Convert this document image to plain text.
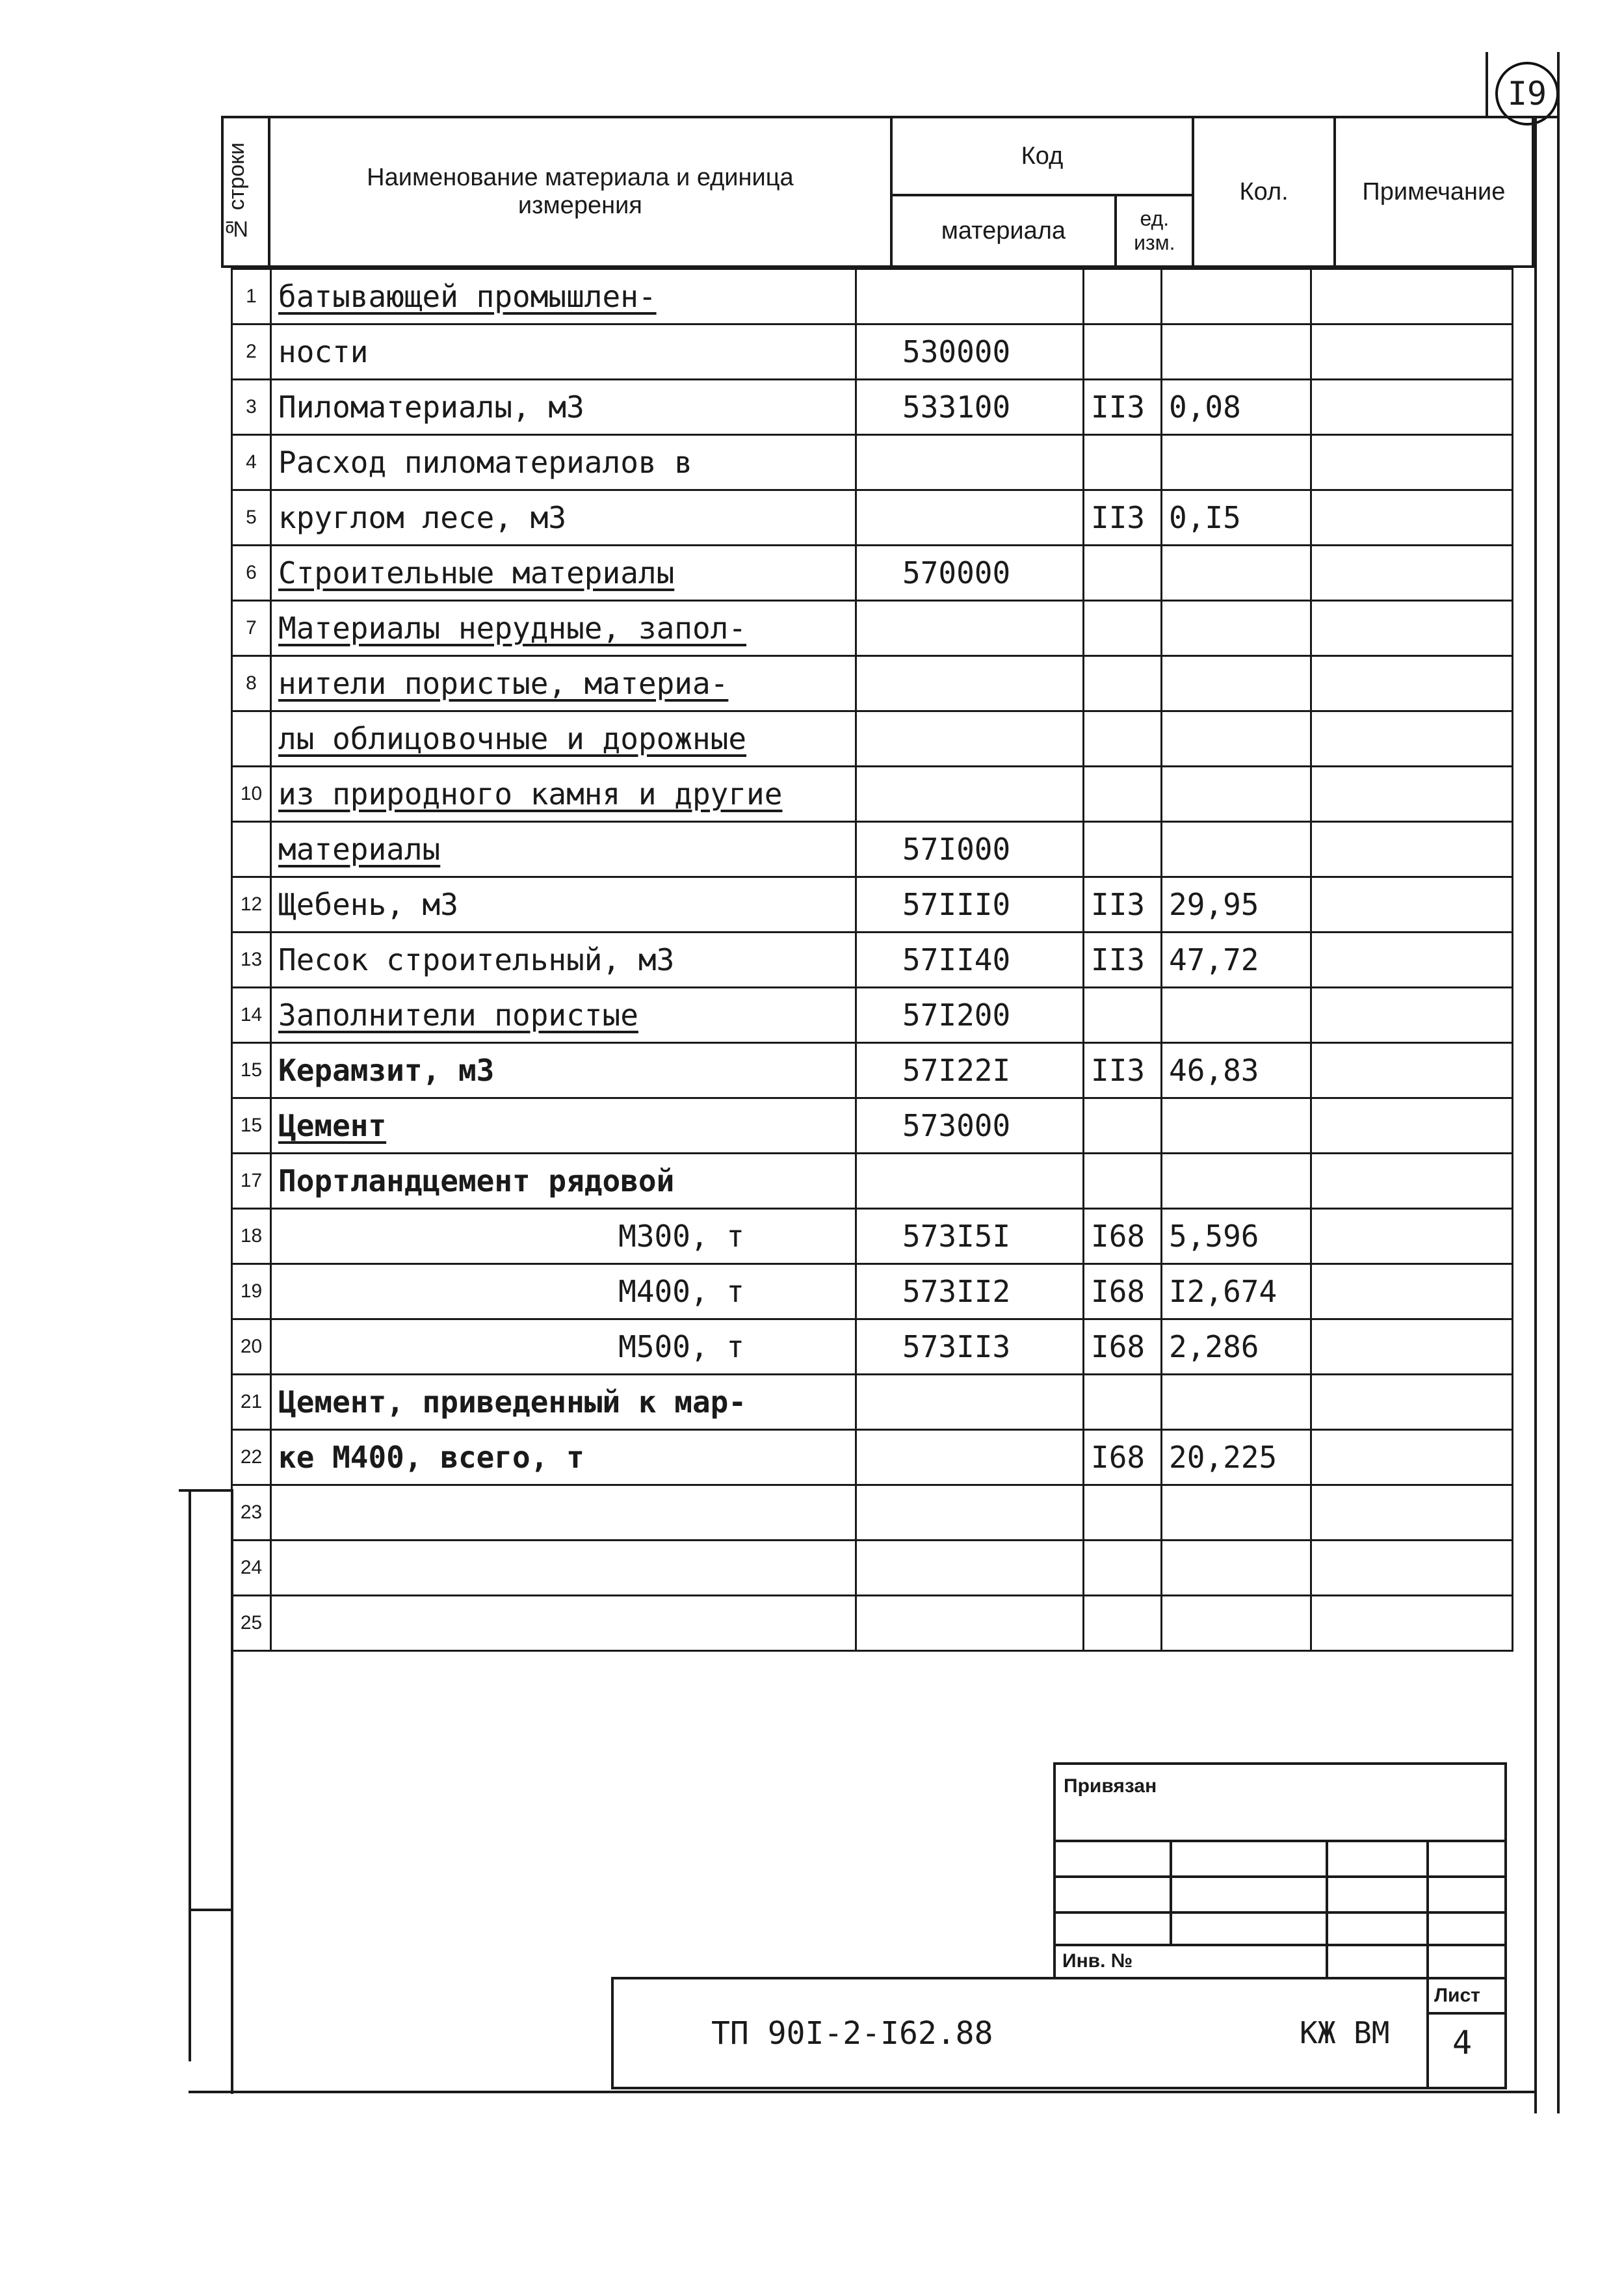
I9
№ строки	Наименование материала и единица измерения	Код		Кол.	Примечание
		материала	ед. изм.		
1	батывающей промышлен-				
2	ности	530000			
3	Пиломатериалы, м3	533100	II3	0,08	
4	Расход пиломатериалов в				
5	круглом лесе, м3		II3	0,I5	
6	Строительные материалы	570000			
7	Материалы нерудные, запол-				
8	нители пористые, материа-				
	лы облицовочные и дорожные				
10	из природного камня и другие				
	материалы	57I000			
12	Щебень, м3	57III0	II3	29,95	
13	Песок строительный, м3	57II40	II3	47,72	
14	Заполнители пористые	57I200			
15	Керамзит, м3	57I22I	II3	46,83	
15	Цемент	573000			
17	Портландцемент рядовой				
18	М300, т	573I5I	I68	5,596	
19	М400, т	573II2	I68	I2,674	
20	М500, т	573II3	I68	2,286	
21	Цемент, приведенный к мар-				
22	ке М400, всего, т		I68	20,225	
23					
24					
25					
Привязан
Инв. №
ТП 90I-2-I62.88	КЖ ВМ
Лист
4
